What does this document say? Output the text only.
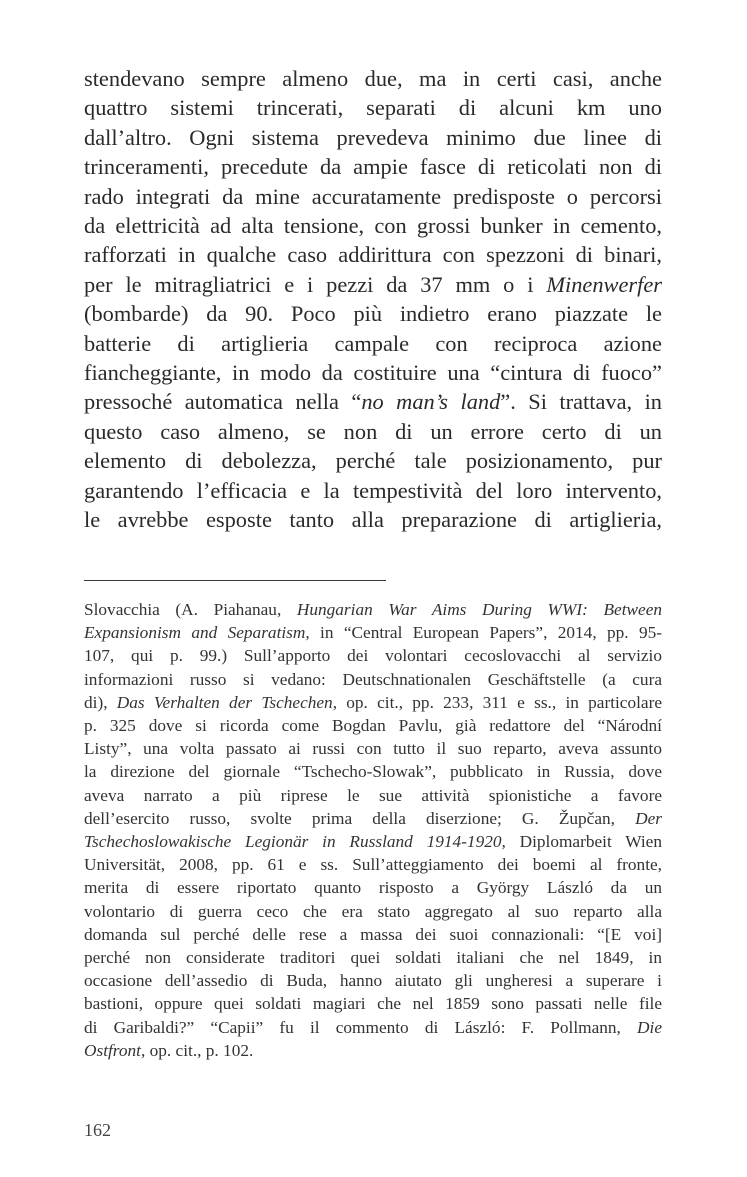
stendevano sempre almeno due, ma in certi casi, anche
quattro sistemi trincerati, separati di alcuni km uno
dall’altro. Ogni sistema prevedeva minimo due linee di
trinceramenti, precedute da ampie fasce di reticolati non di
rado integrati da mine accuratamente predisposte o percorsi
da elettricità ad alta tensione, con grossi bunker in cemento,
rafforzati in qualche caso addirittura con spezzoni di binari,
per le mitragliatrici e i pezzi da 37 mm o i Minenwerfer
(bombarde) da 90. Poco più indietro erano piazzate le
batterie di artiglieria campale con reciproca azione
fiancheggiante, in modo da costituire una “cintura di fuoco”
pressoché automatica nella “no man’s land”. Si trattava, in
questo caso almeno, se non di un errore certo di un
elemento di debolezza, perché tale posizionamento, pur
garantendo l’efficacia e la tempestività del loro intervento,
le avrebbe esposte tanto alla preparazione di artiglieria,
Slovacchia (A. Piahanau, Hungarian War Aims During WWI: Between
Expansionism and Separatism, in “Central European Papers”, 2014, pp. 95-
107, qui p. 99.) Sull’apporto dei volontari cecoslovacchi al servizio
informazioni russo si vedano: Deutschnationalen Geschäftstelle (a cura
di), Das Verhalten der Tschechen, op. cit., pp. 233, 311 e ss., in particolare
p. 325 dove si ricorda come Bogdan Pavlu, già redattore del “Národní
Listy”, una volta passato ai russi con tutto il suo reparto, aveva assunto
la direzione del giornale “Tschecho-Slowak”, pubblicato in Russia, dove
aveva narrato a più riprese le sue attività spionistiche a favore
dell’esercito russo, svolte prima della diserzione; G. Župčan, Der
Tschechoslowakische Legionär in Russland 1914-1920, Diplomarbeit Wien
Universität, 2008, pp. 61 e ss. Sull’atteggiamento dei boemi al fronte,
merita di essere riportato quanto risposto a György László da un
volontario di guerra ceco che era stato aggregato al suo reparto alla
domanda sul perché delle rese a massa dei suoi connazionali: “[E voi]
perché non considerate traditori quei soldati italiani che nel 1849, in
occasione dell’assedio di Buda, hanno aiutato gli ungheresi a superare i
bastioni, oppure quei soldati magiari che nel 1859 sono passati nelle file
di Garibaldi?” “Capii” fu il commento di László: F. Pollmann, Die
Ostfront, op. cit., p. 102.
162
